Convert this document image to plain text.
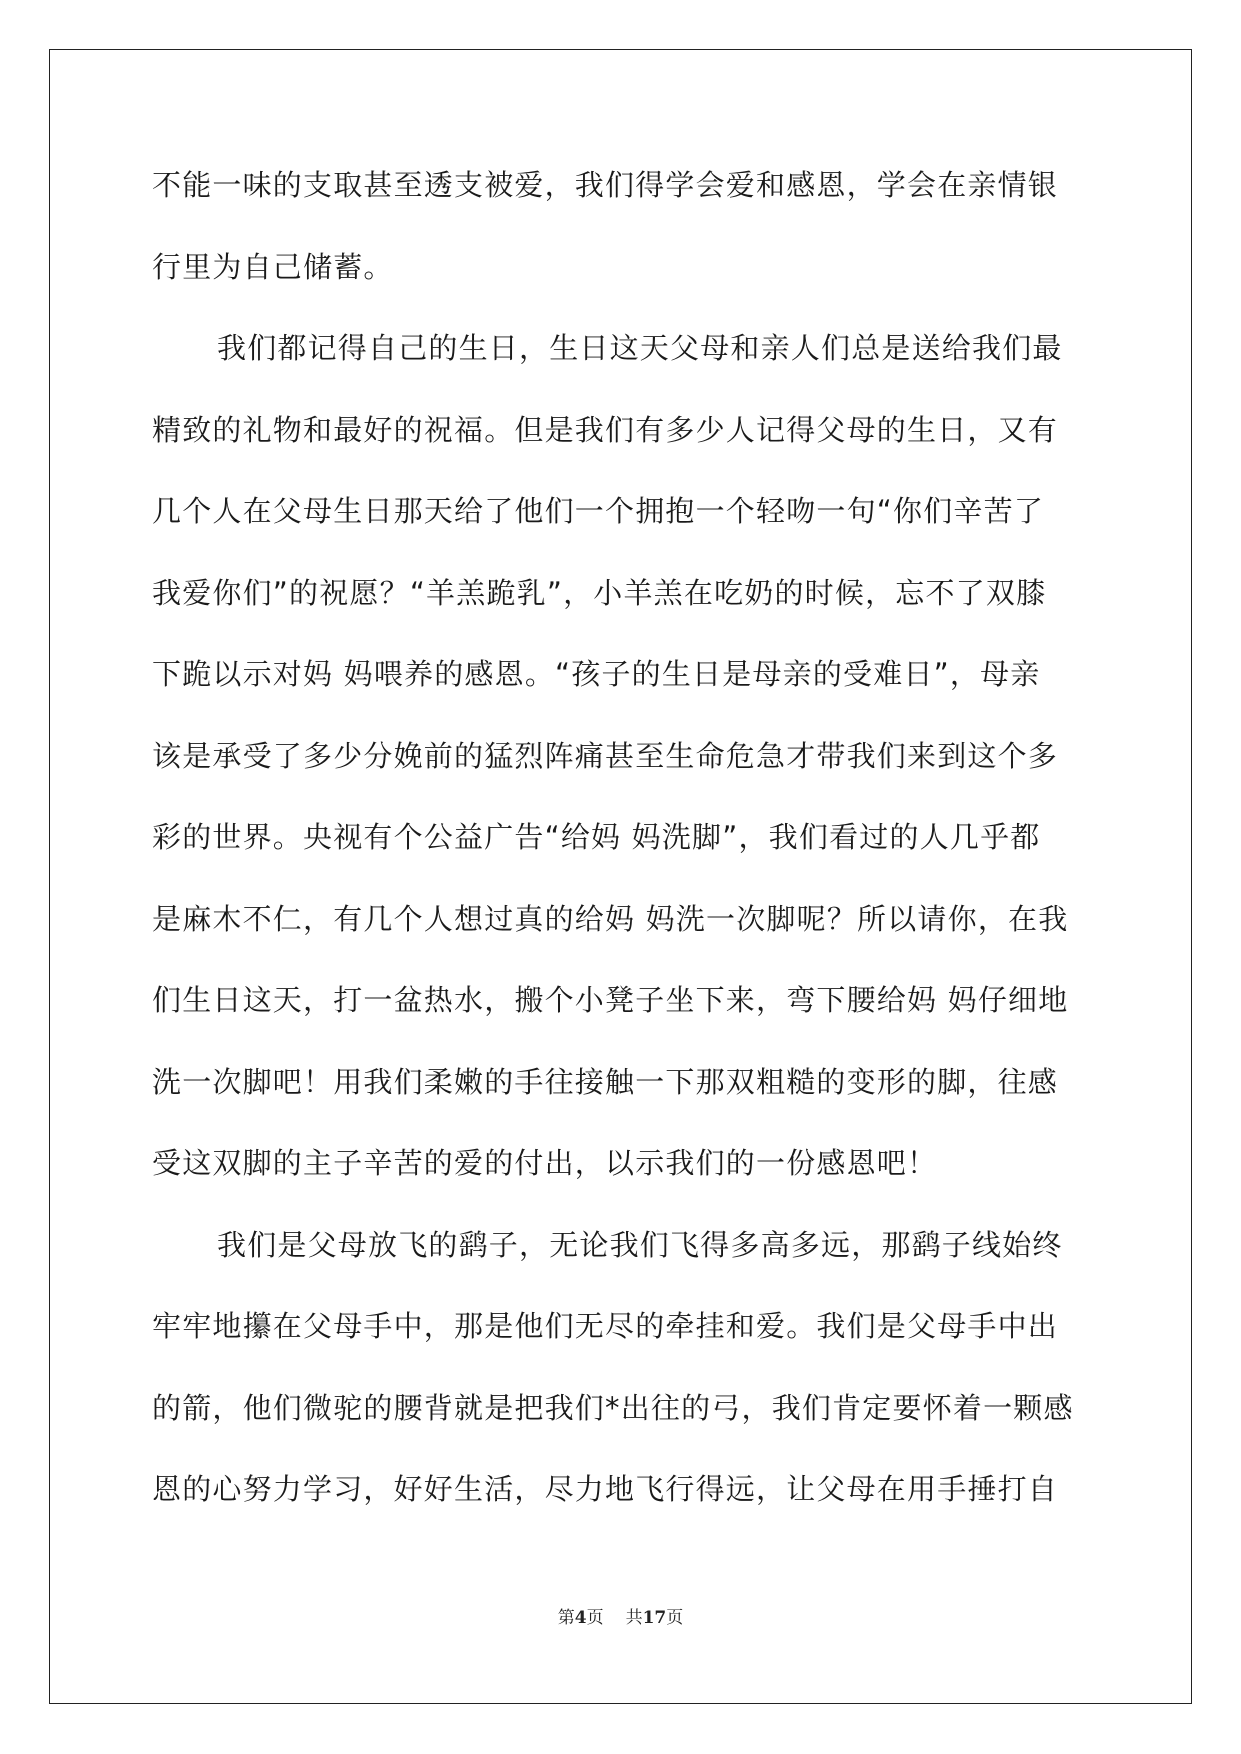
不能一味的支取甚至透支被爱，我们得学会爱和感恩，学会在亲情银
行里为自己储蓄。
我们都记得自己的生日，生日这天父母和亲人们总是送给我们最
精致的礼物和最好的祝福。但是我们有多少人记得父母的生日，又有
几个人在父母生日那天给了他们一个拥抱一个轻吻一句“你们辛苦了
我爱你们”的祝愿？“羊羔跪乳”，小羊羔在吃奶的时候，忘不了双膝
下跪以示对妈 妈喂养的感恩。“孩子的生日是母亲的受难日”，母亲
该是承受了多少分娩前的猛烈阵痛甚至生命危急才带我们来到这个多
彩的世界。央视有个公益广告“给妈 妈洗脚”，我们看过的人几乎都
是麻木不仁，有几个人想过真的给妈 妈洗一次脚呢？所以请你，在我
们生日这天，打一盆热水，搬个小凳子坐下来，弯下腰给妈 妈仔细地
洗一次脚吧！用我们柔嫩的手往接触一下那双粗糙的变形的脚，往感
受这双脚的主子辛苦的爱的付出，以示我们的一份感恩吧！
我们是父母放飞的鹞子，无论我们飞得多高多远，那鹞子线始终
牢牢地攥在父母手中，那是他们无尽的牵挂和爱。我们是父母手中出
的箭，他们微驼的腰背就是把我们*出往的弓，我们肯定要怀着一颗感
恩的心努力学习，好好生活，尽力地飞行得远，让父母在用手捶打自
第4页 共17页
